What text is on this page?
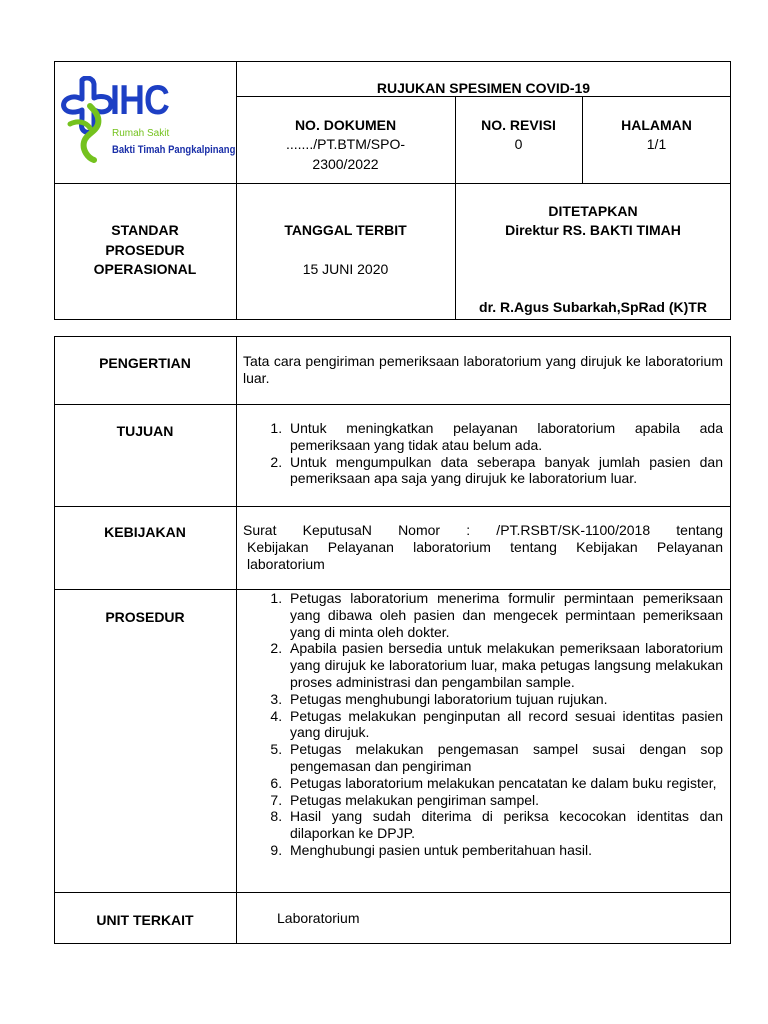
IHC
Rumah Sakit
Bakti Timah Pangkalpinang
RUJUKAN SPESIMEN COVID-19
NO. DOKUMEN
......./PT.BTM/SPO-
2300/2022
NO. REVISI
0
HALAMAN
1/1
STANDAR
PROSEDUR
OPERASIONAL
TANGGAL TERBIT
15 JUNI 2020
DITETAPKAN
Direktur RS. BAKTI TIMAH
dr. R.Agus Subarkah,SpRad (K)TR
PENGERTIAN	Tata cara pengiriman pemeriksaan laboratorium yang dirujuk ke laboratorium luar.
TUJUAN
1.	Untuk meningkatkan pelayanan laboratorium apabila ada pemeriksaan yang tidak atau belum ada.
2. Untuk mengumpulkan data seberapa banyak jumlah pasien dan pemeriksaan apa saja yang dirujuk ke laboratorium luar.
KEBIJAKAN	Surat KeputusaN Nomor : /PT.RSBT/SK-1100/2018 tentang
Kebijakan Pelayanan laboratorium tentang Kebijakan Pelayanan
laboratorium
PROSEDUR
1. Petugas laboratorium menerima formulir permintaan pemeriksaan yang dibawa oleh pasien dan mengecek permintaan pemeriksaan yang di minta oleh dokter.
2. Apabila pasien bersedia untuk melakukan pemeriksaan laboratorium yang dirujuk ke laboratorium luar, maka petugas langsung melakukan proses administrasi dan pengambilan sample.
3. Petugas menghubungi laboratorium tujuan rujukan.
4. Petugas melakukan penginputan all record sesuai identitas pasien yang dirujuk.
5. Petugas melakukan pengemasan sampel susai dengan sop pengemasan dan pengiriman
6. Petugas laboratorium melakukan pencatatan ke dalam buku register,
7. Petugas melakukan pengiriman sampel.
8. Hasil yang sudah diterima di periksa kecocokan identitas dan dilaporkan ke DPJP.
9. Menghubungi pasien untuk pemberitahuan hasil.
UNIT TERKAIT	Laboratorium
